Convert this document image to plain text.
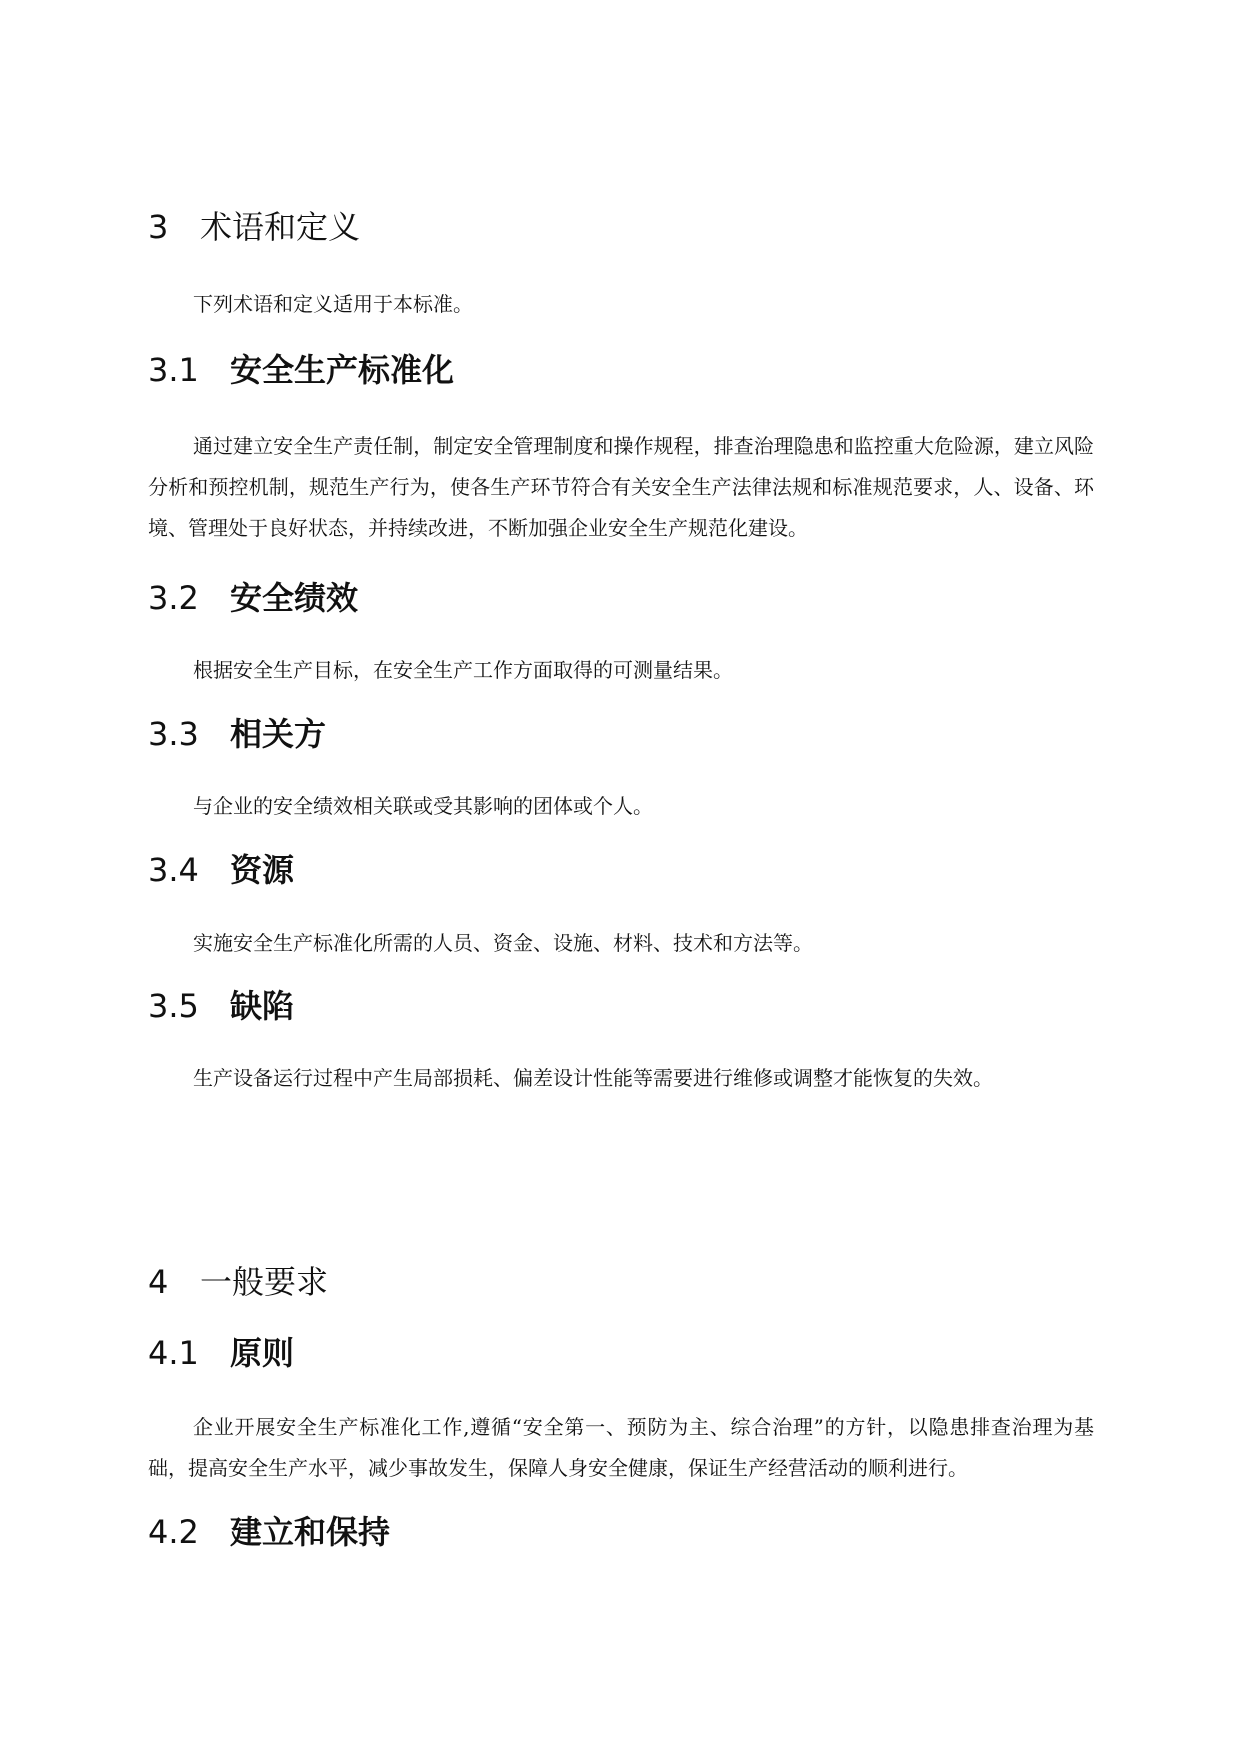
3 术语和定义
下列术语和定义适用于本标准。
3.1 安全生产标准化
通过建立安全生产责任制，制定安全管理制度和操作规程，排查治理隐患和监控重大危险源，建立风险分析和预控机制，规范生产行为，使各生产环节符合有关安全生产法律法规和标准规范要求，人、设备、环境、管理处于良好状态，并持续改进，不断加强企业安全生产规范化建设。
3.2 安全绩效
根据安全生产目标，在安全生产工作方面取得的可测量结果。
3.3 相关方
与企业的安全绩效相关联或受其影响的团体或个人。
3.4 资源
实施安全生产标准化所需的人员、资金、设施、材料、技术和方法等。
3.5 缺陷
生产设备运行过程中产生局部损耗、偏差设计性能等需要进行维修或调整才能恢复的失效。
4 一般要求
4.1 原则
企业开展安全生产标准化工作,遵循“安全第一、预防为主、综合治理”的方针，以隐患排查治理为基础，提高安全生产水平，减少事故发生，保障人身安全健康，保证生产经营活动的顺利进行。
4.2 建立和保持
